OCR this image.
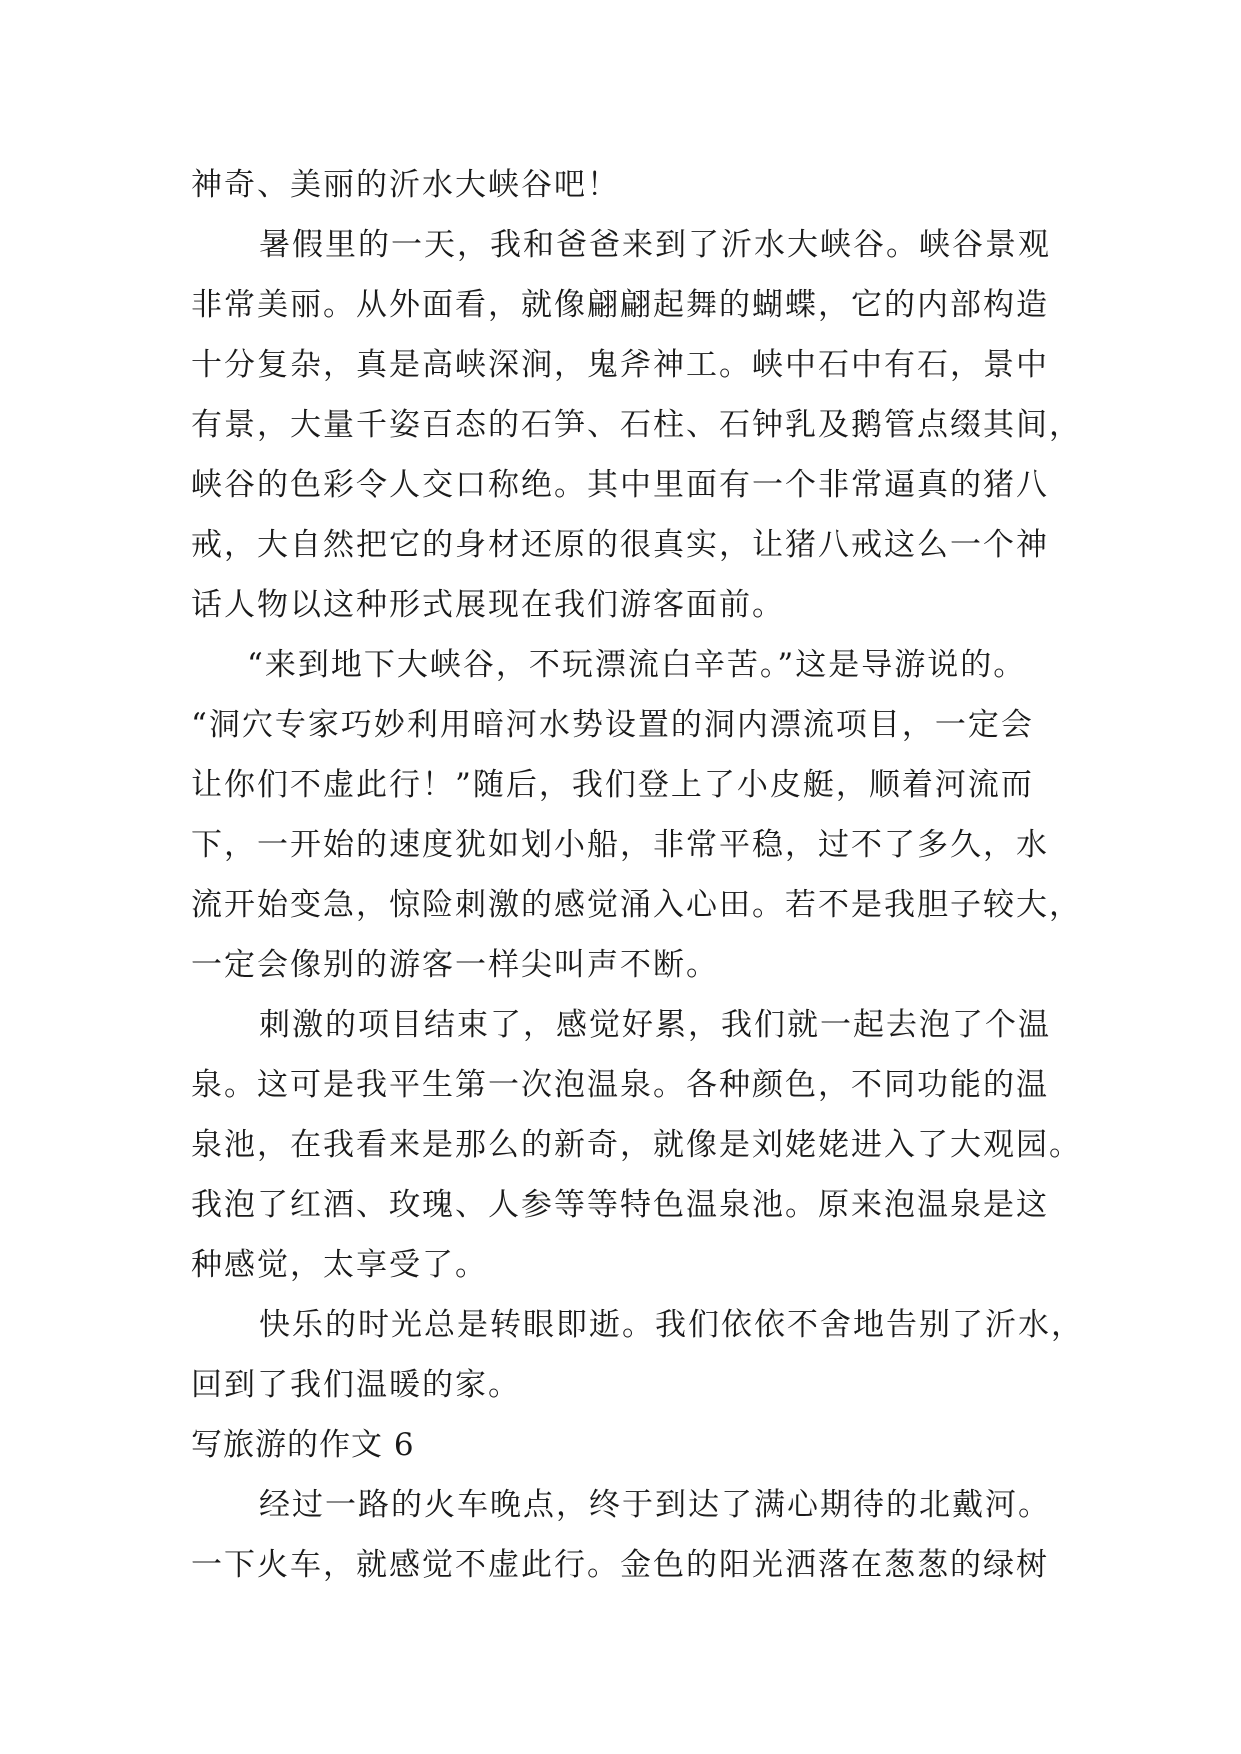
神奇、美丽的沂水大峡谷吧！
暑假里的一天，我和爸爸来到了沂水大峡谷。峡谷景观
非常美丽。从外面看，就像翩翩起舞的蝴蝶，它的内部构造
十分复杂，真是高峡深涧，鬼斧神工。峡中石中有石，景中
有景，大量千姿百态的石笋、石柱、石钟乳及鹅管点缀其间，
峡谷的色彩令人交口称绝。其中里面有一个非常逼真的猪八
戒，大自然把它的身材还原的很真实，让猪八戒这么一个神
话人物以这种形式展现在我们游客面前。
“来到地下大峡谷，不玩漂流白辛苦。”这是导游说的。
“洞穴专家巧妙利用暗河水势设置的洞内漂流项目，一定会
让你们不虚此行！”随后，我们登上了小皮艇，顺着河流而
下，一开始的速度犹如划小船，非常平稳，过不了多久，水
流开始变急，惊险刺激的感觉涌入心田。若不是我胆子较大，
一定会像别的游客一样尖叫声不断。
刺激的项目结束了，感觉好累，我们就一起去泡了个温
泉。这可是我平生第一次泡温泉。各种颜色，不同功能的温
泉池，在我看来是那么的新奇，就像是刘姥姥进入了大观园。
我泡了红酒、玫瑰、人参等等特色温泉池。原来泡温泉是这
种感觉，太享受了。
快乐的时光总是转眼即逝。我们依依不舍地告别了沂水，
回到了我们温暖的家。
写旅游的作文 6
经过一路的火车晚点，终于到达了满心期待的北戴河。
一下火车，就感觉不虚此行。金色的阳光洒落在葱葱的绿树
